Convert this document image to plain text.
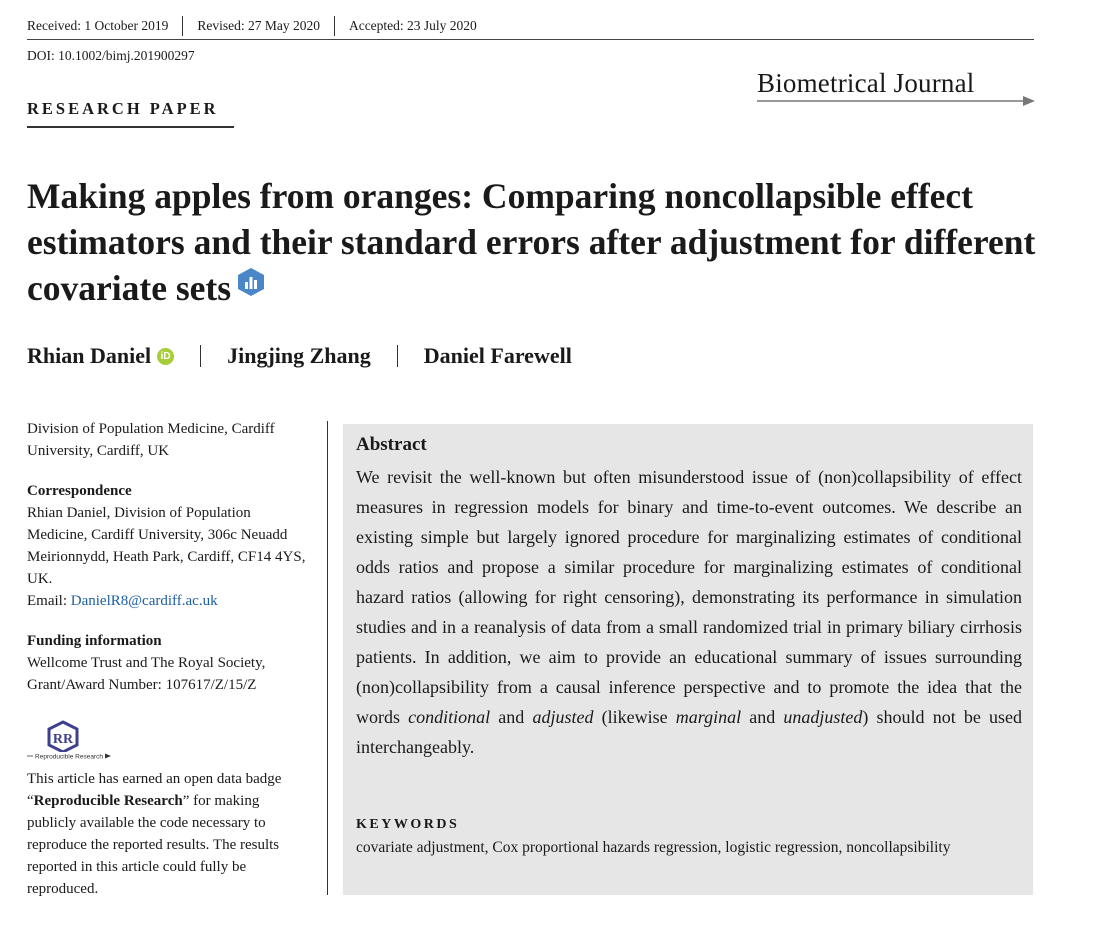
Received: 1 October 2019	Revised: 27 May 2020	Accepted: 23 July 2020
DOI: 10.1002/bimj.201900297
Biometrical Journal
RESEARCH PAPER
Making apples from oranges: Comparing noncollapsible effect estimators and their standard errors after adjustment for different covariate sets
Rhian Daniel iD	Jingjing Zhang Daniel Farewell

Division of Population Medicine, Cardiff University, Cardiff, UK

Correspondence

Rhian Daniel, Division of Population Medicine, Cardiff University, 306c Neuadd Meirionnydd, Heath Park, Cardiff, CF14 4YS, UK.

Email: DanielR8@cardiff.ac.uk

Funding information

Wellcome Trust and The Royal Society, Grant/Award Number: 107617/Z/15/Z

RR
Reproducible Research

This article has earned an open data badge “Reproducible Research” for making publicly available the code necessary to reproduce the reported results. The results reported in this article could fully be reproduced.

Abstract

We revisit the well-known but often misunderstood issue of (non)collapsibility of effect measures in regression models for binary and time-to-event outcomes. We describe an existing simple but largely ignored procedure for marginalizing estimates of conditional odds ratios and propose a similar procedure for marginalizing estimates of conditional hazard ratios (allowing for right censoring), demonstrating its performance in simulation studies and in a reanalysis of data from a small randomized trial in primary biliary cirrhosis patients. In addition, we aim to provide an educational summary of issues surrounding (non)collapsibility from a causal inference perspective and to promote the idea that the words conditional and adjusted (likewise marginal and unadjusted) should not be used interchangeably.

KEYWORDS

covariate adjustment, Cox proportional hazards regression, logistic regression, noncollapsibility
